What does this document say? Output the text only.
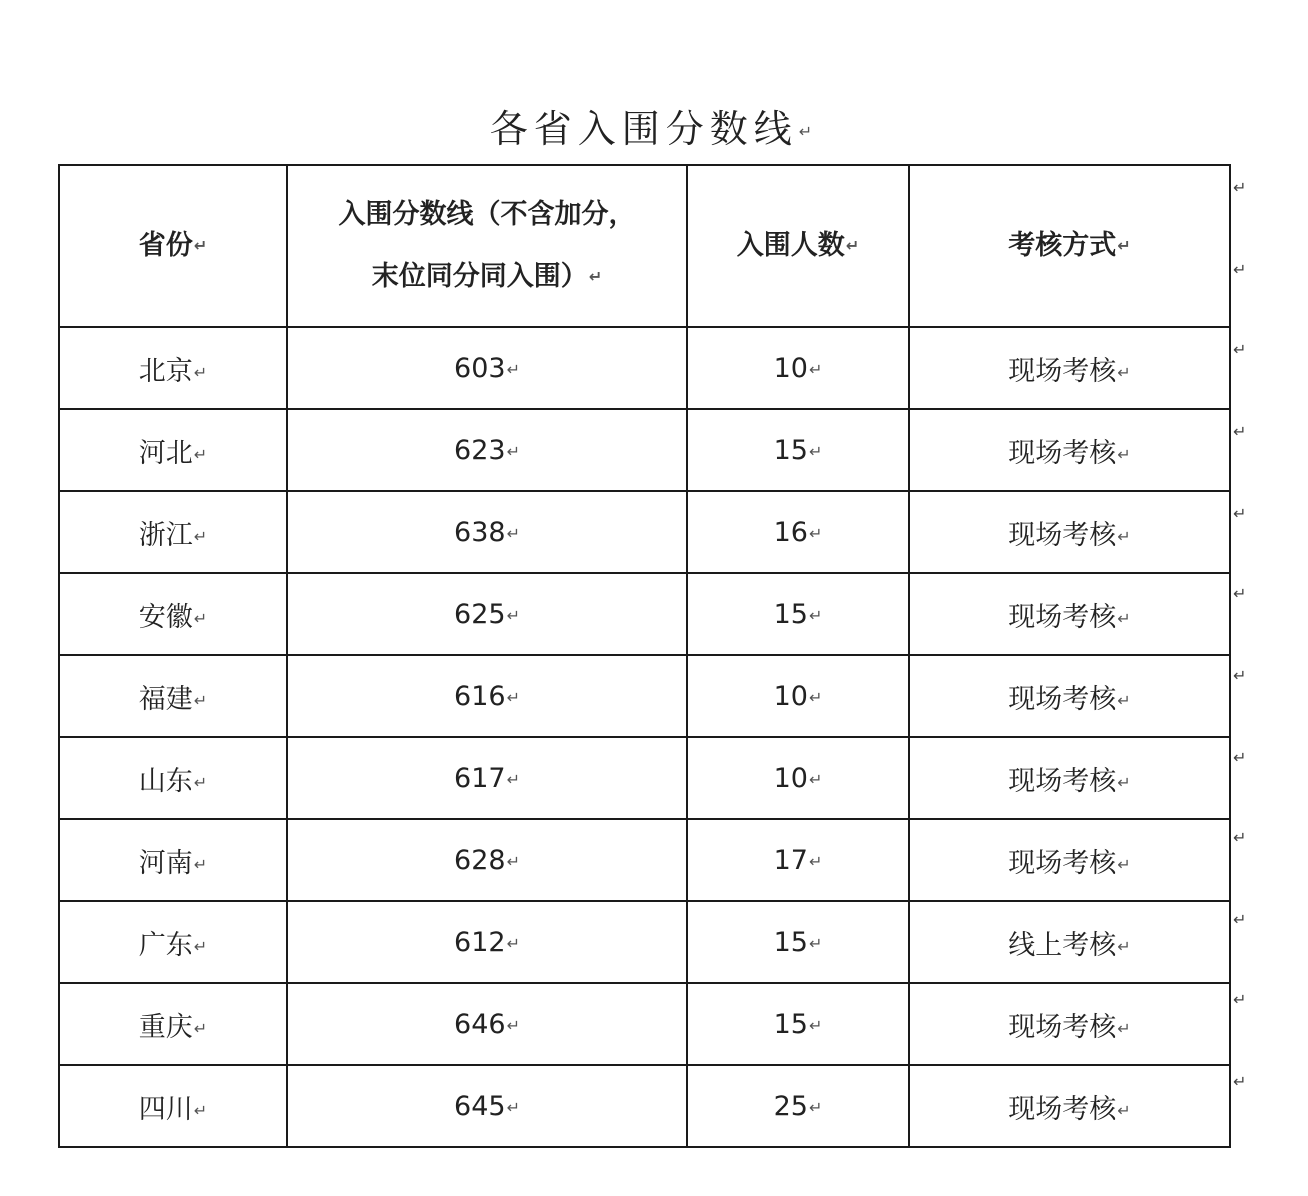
各省入围分数线↵
省份↵	入围分数线（不含加分，
末位同分同入围）↵	入围人数↵	考核方式↵
北京↵	603↵	10↵	现场考核↵
河北↵	623↵	15↵	现场考核↵
浙江↵	638↵	16↵	现场考核↵
安徽↵	625↵	15↵	现场考核↵
福建↵	616↵	10↵	现场考核↵
山东↵	617↵	10↵	现场考核↵
河南↵	628↵	17↵	现场考核↵
广东↵	612↵	15↵	线上考核↵
重庆↵	646↵	15↵	现场考核↵
四川↵	645↵	25↵	现场考核↵
↵
↵
↵
↵
↵
↵
↵
↵
↵
↵
↵
↵
